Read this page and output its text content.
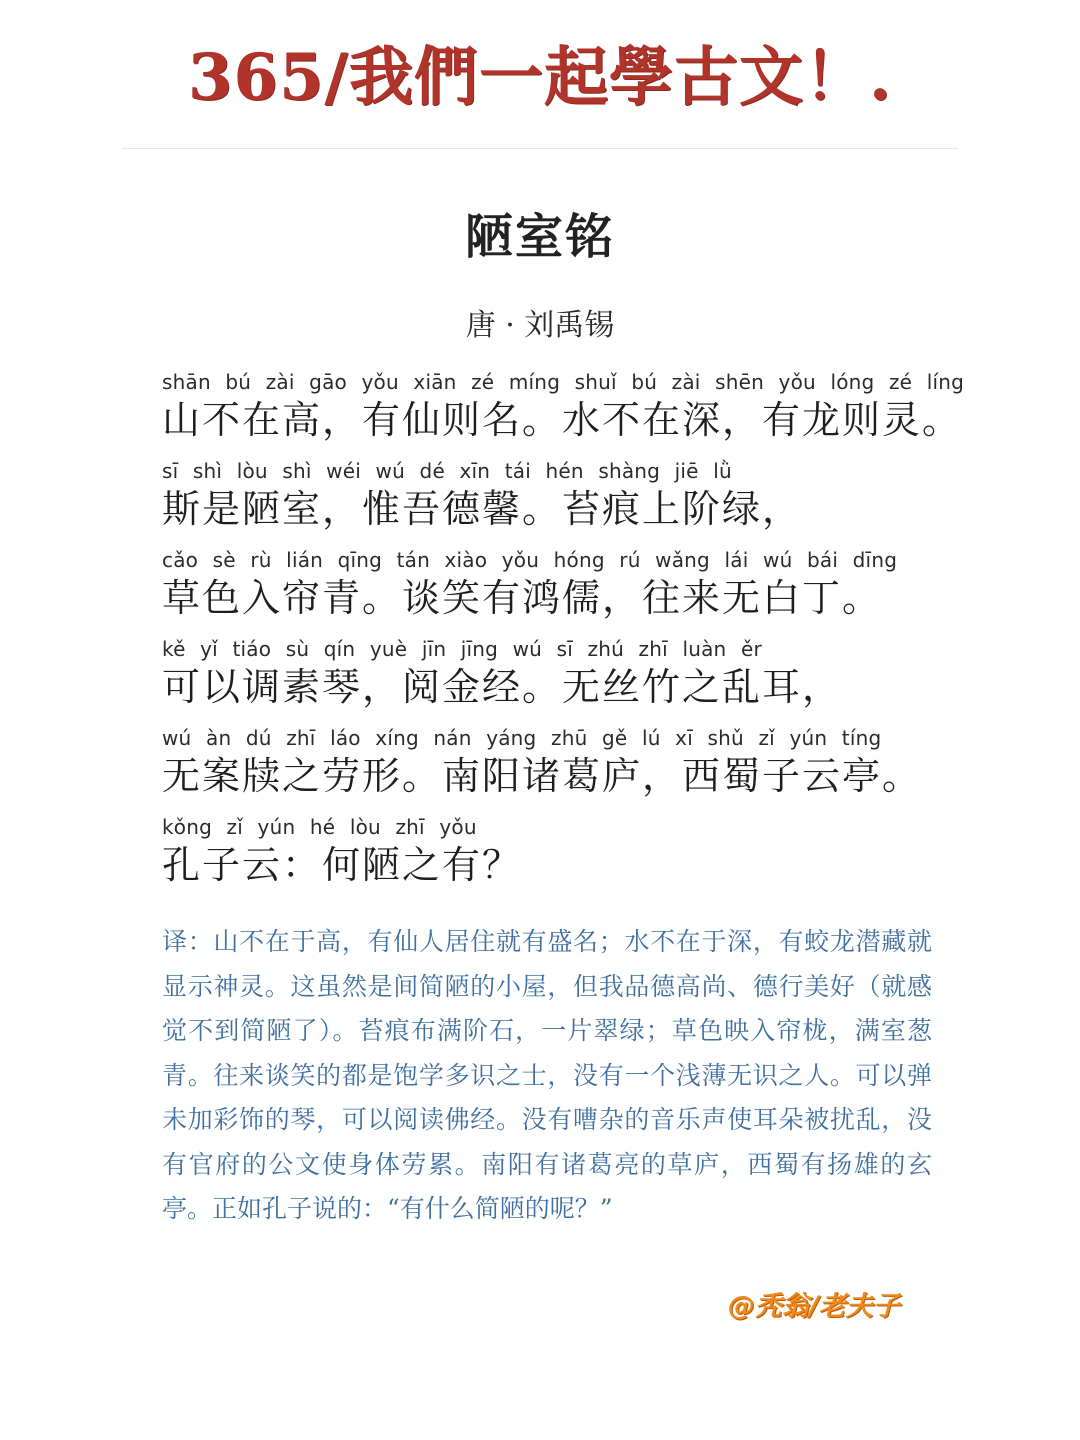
365/我們一起學古文！.
陋室铭
唐 · 刘禹锡
shān bú zài gāo yǒu xiān zé míng shuǐ bú zài shēn yǒu lóng zé líng
山不在高，有仙则名。水不在深，有龙则灵。
sī shì lòu shì wéi wú dé xīn tái hén shàng jiē lǜ
斯是陋室，惟吾德馨。苔痕上阶绿，
cǎo sè rù lián qīng tán xiào yǒu hóng rú wǎng lái wú bái dīng
草色入帘青。谈笑有鸿儒，往来无白丁。
kě yǐ tiáo sù qín yuè jīn jīng wú sī zhú zhī luàn ěr
可以调素琴，阅金经。无丝竹之乱耳，
wú àn dú zhī láo xíng nán yáng zhū gě lú xī shǔ zǐ yún tíng
无案牍之劳形。南阳诸葛庐，西蜀子云亭。
kǒng zǐ yún hé lòu zhī yǒu
孔子云：何陋之有？
译：山不在于高，有仙人居住就有盛名；水不在于深，有蛟龙潜藏就显示神灵。这虽然是间简陋的小屋，但我品德高尚、德行美好（就感觉不到简陋了）。苔痕布满阶石，一片翠绿；草色映入帘栊，满室葱青。往来谈笑的都是饱学多识之士，没有一个浅薄无识之人。可以弹未加彩饰的琴，可以阅读佛经。没有嘈杂的音乐声使耳朵被扰乱，没有官府的公文使身体劳累。南阳有诸葛亮的草庐，西蜀有扬雄的玄亭。正如孔子说的：“有什么简陋的呢？”
@秃翁/老夫子
